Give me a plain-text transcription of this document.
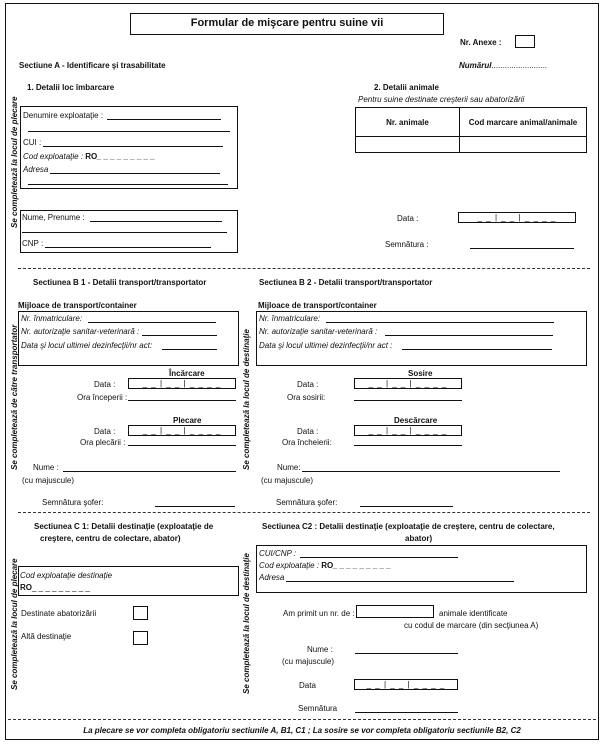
Formular de mişcare pentru suine vii
Nr. Anexe :
Sectiune A - Identificare şi trasabilitate	Numărul.........................
Se completează la locul de plecare
Se completează de către transportator	Se completează la locul de destinaţie
Se completează la locul de plecare	Se completează la locul de destinaţie
1. Detalii loc îmbarcare
Denumire exploataţie :
CUI :
Cod exploataţie : RO_ _ _ _ _ _ _ _ _
Adresa
Nume, Prenume :
CNP :
2. Detalii animale
Pentru suine destinate creşterii sau abatorizării
Nr. animale	Cod marcare animal/animale

Data :	_ _ | _ _ | _ _ _ _
Semnătura :
Sectiunea B 1 - Detalii transport/transportator
Mijloace de transport/container
Nr. înmatriculare:
Nr. autorizaţie sanitar-veterinară :
Data şi locul ultimei dezinfecţii/nr act:
Încărcare
Data :	_ _ | _ _ | _ _ _ _
Ora începerii :
Plecare
Data :	_ _ | _ _ | _ _ _ _
Ora plecării :
Nume :
(cu majuscule)
Semnătura şofer:
Sectiunea B 2 - Detalii transport/transportator
Mijloace de transport/container
Nr. înmatriculare:
Nr. autorizaţie sanitar-veterinară :
Data şi locul ultimei dezinfecţii/nr act :
Sosire
Data :	_ _ | _ _ | _ _ _ _
Ora sosirii:
Descărcare
Data :	_ _ | _ _ | _ _ _ _
Ora încheierii:
Nume:
(cu majuscule)
Semnătura şofer:
Sectiunea C 1: Detalii destinaţie (exploataţie de
creştere, centru de colectare, abator)
Cod exploataţie destinaţie
RO_ _ _ _ _ _ _ _ _
Destinate abatorizării
Altă destinaţie
Sectiunea C2 : Detalii destinaţie (exploataţie de creştere, centru de colectare,
abator)
CUI/CNP :
Cod exploataţie : RO_ _ _ _ _ _ _ _ _
Adresa
Am primit un nr. de :	animale identificate
cu codul de marcare (din secţiunea A)
Nume :
(cu majuscule)
Data	_ _ | _ _ | _ _ _ _
Semnătura
La plecare se vor completa obligatoriu sectiunile A, B1, C1 ; La sosire se vor completa obligatoriu sectiunile B2, C2
